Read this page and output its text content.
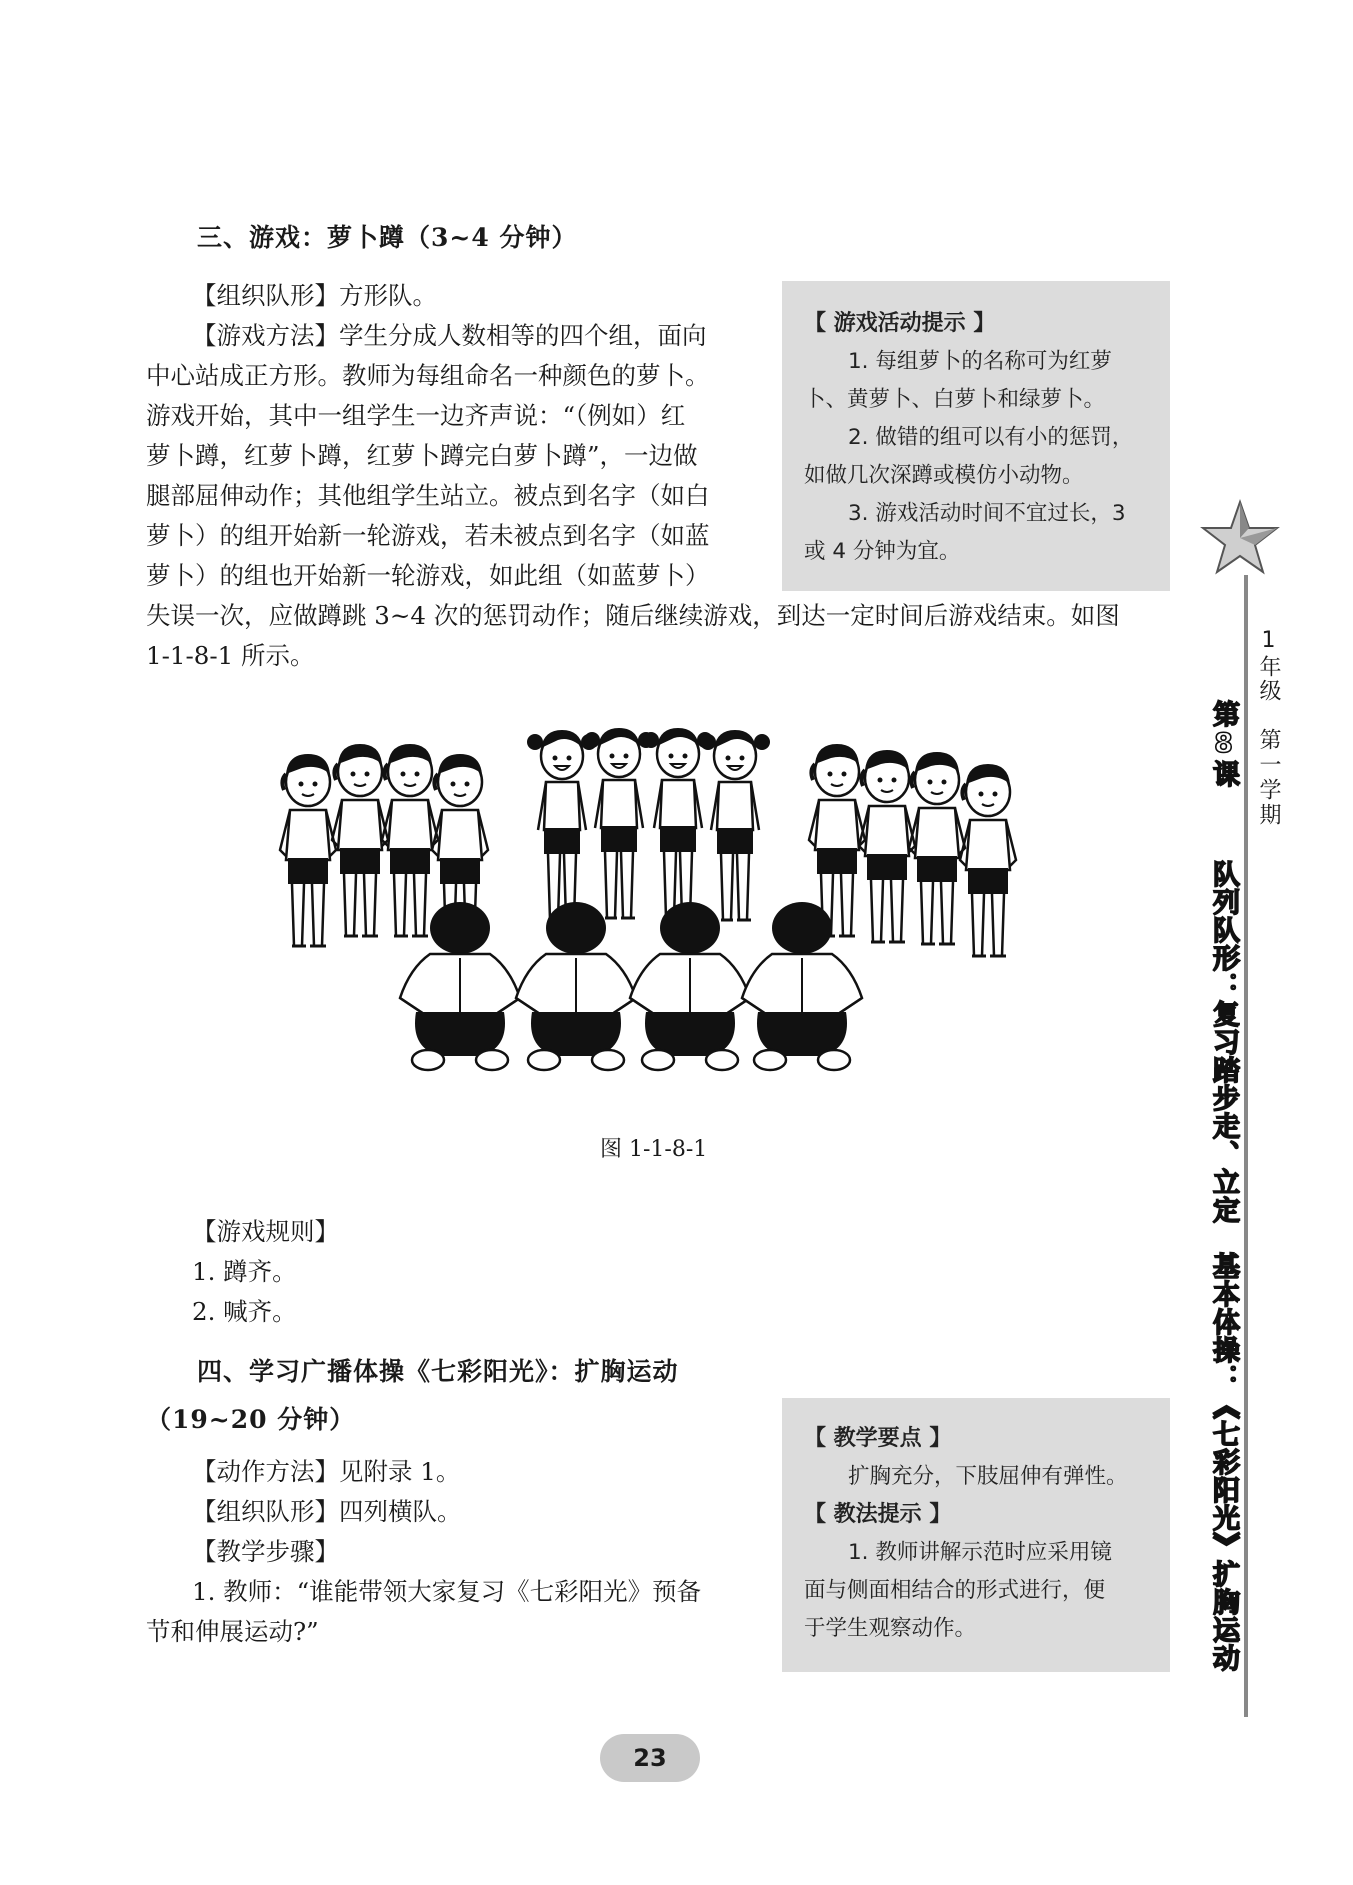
三、游戏：萝卜蹲（3~4 分钟）
【组织队形】方形队。
【游戏方法】学生分成人数相等的四个组，面向
中心站成正方形。教师为每组命名一种颜色的萝卜。
游戏开始，其中一组学生一边齐声说：“（例如）红
萝卜蹲，红萝卜蹲，红萝卜蹲完白萝卜蹲”，一边做
腿部屈伸动作；其他组学生站立。被点到名字（如白
萝卜）的组开始新一轮游戏，若未被点到名字（如蓝
萝卜）的组也开始新一轮游戏，如此组（如蓝萝卜）
失误一次，应做蹲跳 3~4 次的惩罚动作；随后继续游戏，到达一定时间后游戏结束。如图
1-1-8-1 所示。
【 游戏活动提示 】
1. 每组萝卜的名称可为红萝
卜、黄萝卜、白萝卜和绿萝卜。
2. 做错的组可以有小的惩罚，
如做几次深蹲或模仿小动物。
3. 游戏活动时间不宜过长，3
或 4 分钟为宜。
图 1-1-8-1
【游戏规则】
1. 蹲齐。
2. 喊齐。
四、学习广播体操《七彩阳光》：扩胸运动
（19~20 分钟）
【动作方法】见附录 1。
【组织队形】四列横队。
【教学步骤】
1. 教师：“谁能带领大家复习《七彩阳光》预备
节和伸展运动?”
【 教学要点 】
扩胸充分，下肢屈伸有弹性。
【 教法提示 】
1. 教师讲解示范时应采用镜
面与侧面相结合的形式进行，便
于学生观察动作。
1年级
第一学期
第8课
队列队形：复习踏步走、立定　基本体操：《七彩阳光》扩胸运动
23
